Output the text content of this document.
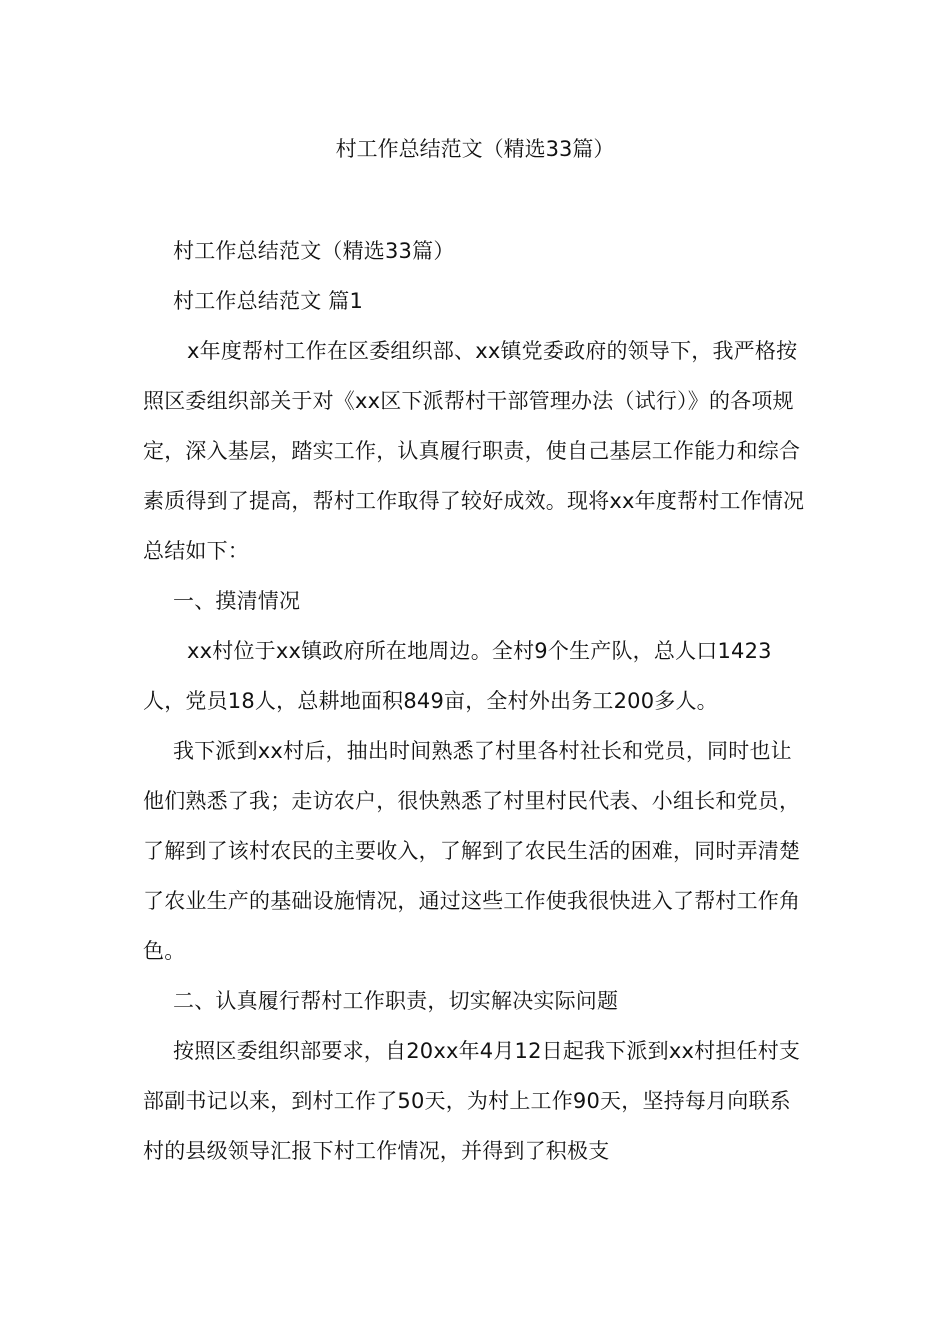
村工作总结范文（精选33篇）

村工作总结范文（精选33篇）

村工作总结范文 篇1

x年度帮村工作在区委组织部、xx镇党委政府的领导下，我严格按照区委组织部关于对《xx区下派帮村干部管理办法（试行）》的各项规定，深入基层，踏实工作，认真履行职责，使自己基层工作能力和综合素质得到了提高，帮村工作取得了较好成效。现将xx年度帮村工作情况总结如下：

一、摸清情况

xx村位于xx镇政府所在地周边。全村9个生产队，总人口1423人，党员18人，总耕地面积849亩，全村外出务工200多人。

我下派到xx村后，抽出时间熟悉了村里各村社长和党员，同时也让他们熟悉了我；走访农户，很快熟悉了村里村民代表、小组长和党员，了解到了该村农民的主要收入，了解到了农民生活的困难，同时弄清楚了农业生产的基础设施情况，通过这些工作使我很快进入了帮村工作角色。

二、认真履行帮村工作职责，切实解决实际问题

按照区委组织部要求，自20xx年4月12日起我下派到xx村担任村支部副书记以来，到村工作了50天，为村上工作90天，坚持每月向联系村的县级领导汇报下村工作情况，并得到了积极支
